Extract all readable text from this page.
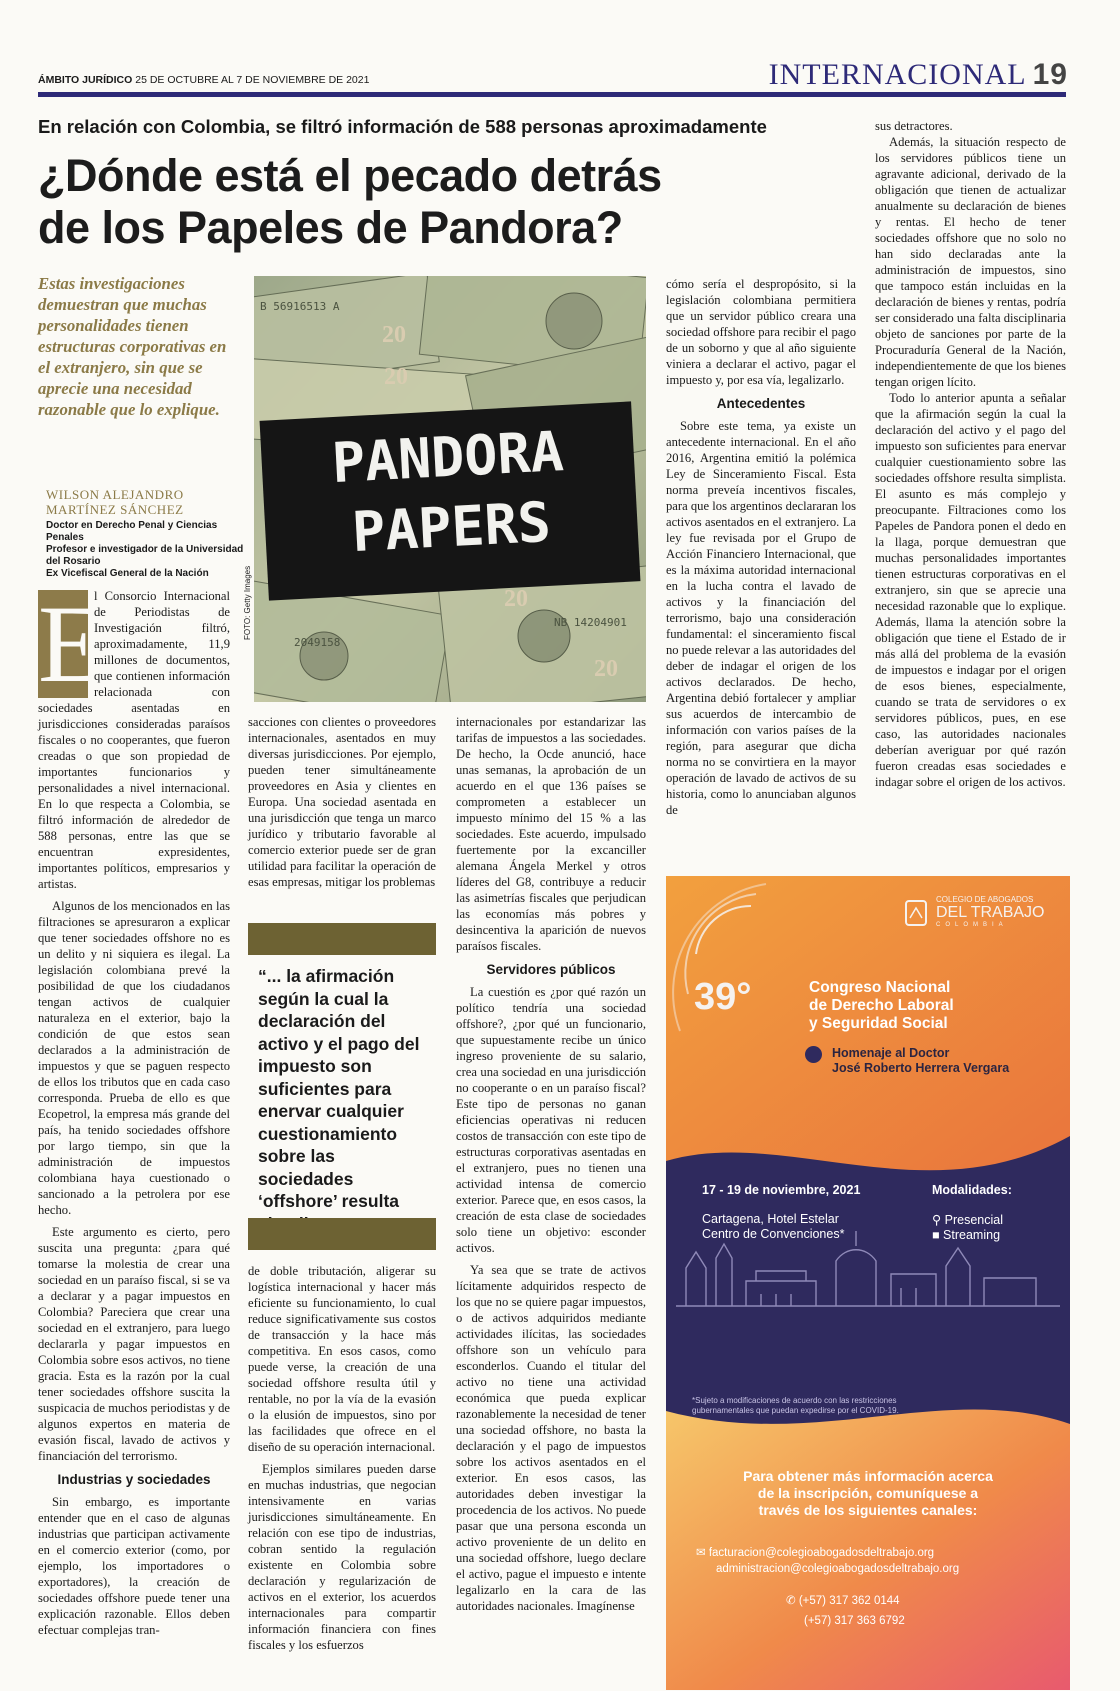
ÁMBITO JURÍDICO 25 DE OCTUBRE AL 7 DE NOVIEMBRE DE 2021	INTERNACIONAL 19
En relación con Colombia, se filtró información de 588 personas aproximadamente
¿Dónde está el pecado detrás de los Papeles de Pandora?
Estas investigaciones demuestran que muchas personalidades tienen estructuras corporativas en el extranjero, sin que se aprecie una necesidad razonable que lo explique.
WILSON ALEJANDRO MARTÍNEZ SÁNCHEZ
Doctor en Derecho Penal y Ciencias Penales
Profesor e investigador de la Universidad del Rosario
Ex Vicefiscal General de la Nación
B 56916513 A
NB 14204901
2049158
20
20
20
20
PANDORA
PAPERS
FOTO: Getty Images
E

l Consorcio Internacional de Periodistas de Investigación filtró, aproximadamente, 11,9 millones de documentos, que contienen información relacionada con sociedades asentadas en jurisdicciones consideradas paraísos fiscales o no cooperantes, que fueron creadas o que son propiedad de importantes funcionarios y personalidades a nivel internacional. En lo que respecta a Colombia, se filtró información de alrededor de 588 personas, entre las que se encuentran expresidentes, importantes políticos, empresarios y artistas.

Algunos de los mencionados en las filtraciones se apresuraron a explicar que tener sociedades offshore no es un delito y ni siquiera es ilegal. La legislación colombiana prevé la posibilidad de que los ciudadanos tengan activos de cualquier naturaleza en el exterior, bajo la condición de que estos sean declarados a la administración de impuestos y que se paguen respecto de ellos los tributos que en cada caso corresponda. Prueba de ello es que Ecopetrol, la empresa más grande del país, ha tenido sociedades offshore por largo tiempo, sin que la administración de impuestos colombiana haya cuestionado o sancionado a la petrolera por ese hecho.

Este argumento es cierto, pero suscita una pregunta: ¿para qué tomarse la molestia de crear una sociedad en un paraíso fiscal, si se va a declarar y a pagar impuestos en Colombia? Pareciera que crear una sociedad en el extranjero, para luego declararla y pagar impuestos en Colombia sobre esos activos, no tiene gracia. Esta es la razón por la cual tener sociedades offshore suscita la suspicacia de muchos periodistas y de algunos expertos en materia de evasión fiscal, lavado de activos y financiación del terrorismo.

Industrias y sociedades

Sin embargo, es importante entender que en el caso de algunas industrias que participan activamente en el comercio exterior (como, por ejemplo, los importadores o exportadores), la creación de sociedades offshore puede tener una explicación razonable. Ellos deben efectuar complejas tran-

sacciones con clientes o proveedores internacionales, asentados en muy diversas jurisdicciones. Por ejemplo, pueden tener simultáneamente proveedores en Asia y clientes en Europa. Una sociedad asentada en una jurisdicción que tenga un marco jurídico y tributario favorable al comercio exterior puede ser de gran utilidad para facilitar la operación de esas empresas, mitigar los problemas

“... la afirmación según la cual la declaración del activo y el pago del impuesto son suficientes para enervar cualquier cuestionamiento sobre las sociedades ‘offshore’ resulta

de doble tributación, aligerar su logística internacional y hacer más eficiente su funcionamiento, lo cual reduce significativamente sus costos de transacción y la hace más competitiva. En esos casos, como puede verse, la creación de una sociedad offshore resulta útil y rentable, no por la vía de la evasión o la elusión de impuestos, sino por las facilidades que ofrece en el diseño de su operación internacional.

Ejemplos similares pueden darse en muchas industrias, que negocian intensivamente en varias jurisdicciones simultáneamente. En relación con ese tipo de industrias, cobran sentido la regulación existente en Colombia sobre declaración y regularización de activos en el exterior, los acuerdos internacionales para compartir información financiera con fines fiscales y los esfuerzos

internacionales por estandarizar las tarifas de impuestos a las sociedades. De hecho, la Ocde anunció, hace unas semanas, la aprobación de un acuerdo en el que 136 países se comprometen a establecer un impuesto mínimo del 15 % a las sociedades. Este acuerdo, impulsado fuertemente por la excanciller alemana Ángela Merkel y otros líderes del G8, contribuye a reducir las asimetrías fiscales que perjudican las economías más pobres y desincentiva la aparición de nuevos paraísos fiscales.

Servidores públicos

La cuestión es ¿por qué razón un político tendría una sociedad offshore?, ¿por qué un funcionario, que supuestamente recibe un único ingreso proveniente de su salario, crea una sociedad en una jurisdicción no cooperante o en un paraíso fiscal? Este tipo de personas no ganan eficiencias operativas ni reducen costos de transacción con este tipo de estructuras corporativas asentadas en el extranjero, pues no tienen una actividad intensa de comercio exterior. Parece que, en esos casos, la creación de esta clase de sociedades solo tiene un objetivo: esconder activos.

Ya sea que se trate de activos lícitamente adquiridos respecto de los que no se quiere pagar impuestos, o de activos adquiridos mediante actividades ilícitas, las sociedades offshore son un vehículo para esconderlos. Cuando el titular del activo no tiene una actividad económica que pueda explicar razonablemente la necesidad de tener una sociedad offshore, no basta la declaración y el pago de impuestos sobre los activos asentados en el exterior. En esos casos, las autoridades deben investigar la procedencia de los activos. No puede pasar que una persona esconda un activo proveniente de un delito en una sociedad offshore, luego declare el activo, pague el impuesto e intente legalizarlo en la cara de las autoridades nacionales. Imagínense

cómo sería el despropósito, si la legislación colombiana permitiera que un servidor público creara una sociedad offshore para recibir el pago de un soborno y que al año siguiente viniera a declarar el activo, pagar el impuesto y, por esa vía, legalizarlo.

Antecedentes

Sobre este tema, ya existe un antecedente internacional. En el año 2016, Argentina emitió la polémica Ley de Sinceramiento Fiscal. Esta norma preveía incentivos fiscales, para que los argentinos declararan los activos asentados en el extranjero. La ley fue revisada por el Grupo de Acción Financiero Internacional, que es la máxima autoridad internacional en la lucha contra el lavado de activos y la financiación del terrorismo, bajo una consideración fundamental: el sinceramiento fiscal no puede relevar a las autoridades del deber de indagar el origen de los activos declarados. De hecho, Argentina debió fortalecer y ampliar sus acuerdos de intercambio de información con varios países de la región, para asegurar que dicha norma no se convirtiera en la mayor operación de lavado de activos de su historia, como lo anunciaban algunos de

sus detractores.

Además, la situación respecto de los servidores públicos tiene un agravante adicional, derivado de la obligación que tienen de actualizar anualmente su declaración de bienes y rentas. El hecho de tener sociedades offshore que no solo no han sido declaradas ante la administración de impuestos, sino que tampoco están incluidas en la declaración de bienes y rentas, podría ser considerado una falta disciplinaria objeto de sanciones por parte de la Procuraduría General de la Nación, independientemente de que los bienes tengan origen lícito.

Todo lo anterior apunta a señalar que la afirmación según la cual la declaración del activo y el pago del impuesto son suficientes para enervar cualquier cuestionamiento sobre las sociedades offshore resulta simplista. El asunto es más complejo y preocupante. Filtraciones como los Papeles de Pandora ponen el dedo en la llaga, porque demuestran que muchas personalidades importantes tienen estructuras corporativas en el extranjero, sin que se aprecie una necesidad razonable que lo explique. Además, llama la atención sobre la obligación que tiene el Estado de ir más allá del problema de la evasión de impuestos e indagar por el origen de esos bienes, especialmente, cuando se trata de servidores o ex servidores públicos, pues, en ese caso, las autoridades nacionales deberían averiguar por qué razón fueron creadas esas sociedades e indagar sobre el origen de los activos.

COLEGIO DE ABOGADOS
DEL TRABAJO
COLOMBIA
39°	Congreso Nacional
de Derecho Laboral
y Seguridad Social
Homenaje al Doctor
José Roberto Herrera Vergara
17 - 19 de noviembre, 2021
Cartagena, Hotel Estelar
Centro de Convenciones*
Modalidades:
⚲ Presencial
■ Streaming
*Sujeto a modificaciones de acuerdo con las restricciones
gubernamentales que puedan expedirse por el COVID-19.
Para obtener más información acerca
de la inscripción, comuníquese a
través de los siguientes canales:
✉ facturacion@colegioabogadosdeltrabajo.org
administracion@colegioabogadosdeltrabajo.org
✆ (+57) 317 362 0144
(+57) 317 363 6792
